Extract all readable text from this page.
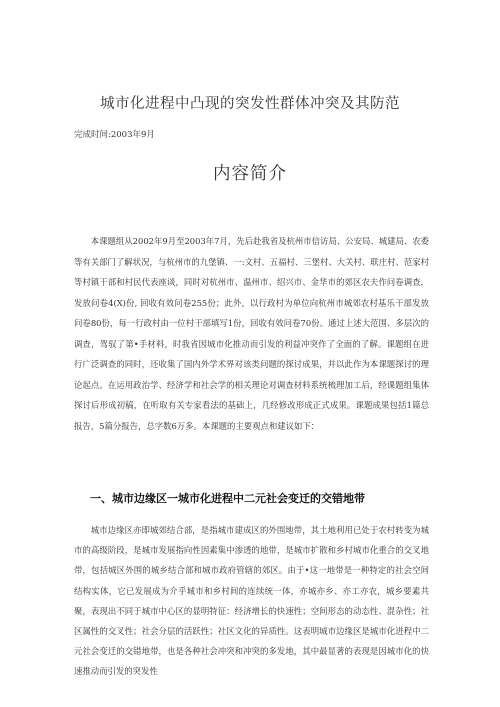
城市化进程中凸现的突发性群体冲突及其防范

完成时间:2003年9月

内容简介

本课题组从2002年9月至2003年7月，先后赴我省及杭州市信访局、公安局、城建局、农委等有关部门了解状况，与杭州市的九堡镇、一:文村、五福村、三堡村、大关村、联庄村、范家村等村镇干部和村民代表座谈，同时对杭州市、温州市、绍兴市、金华市的郊区农夫作问卷调查，发放问卷4(X)份, 回收有效问卷255份；此外，以行政村为单位向杭州市城郊农村基乐干部发放问卷80份，每一行政村由一位村干部填写1份，回收有效问卷70份。通过上述大范围、多层次的调查，驾驭了第•手材料，时我省因城市化推动而引发的利益冲突作了全面的了解。课题组在进行广泛调查的同时，还收集了国内外学术界对该类问题的探讨成果，并以此作为本课题探讨的理论起点。在运用政治学、经济学和社会学的相关理论对调查材料系统梳理加工后，经课题组集体探讨后形成初稿，在听取有关专家看法的基础上，几经修改形成正式成果。课题成果包括1篇总报告，5篇分报告，总字数6万多。本课题的主要观点和建议如下：

一、城市边缘区一城市化进程中二元社会变迁的交错地带

城市边缘区亦即城郊结合部，是指城市建成区的外围地带，其土地利用已处于农村转变为城市的高级阶段，是城市发展指向性因素集中渗透的地带，是城市扩散和乡村城市化重合的交叉地带，包括城区外围的城乡结合部和城市政府管辖的郊区。由于•这一地带是一种特定的社会空间结构实体，它已发展成为介乎城市和乡村间的连续统一体，亦城亦乡、亦工亦农，城乡要素共聚，表现出不同于城市中心区的显明特征：经济增长的快速性；空间形态的动态性、混杂性；社区属性的交叉性；社会分层的活跃性；社区文化的异质性。这表明城市边缘区是城市化进程中二元社会变迁的交错地带，也是各种社会冲突和冲突的多发地，其中最显著的表现是因城市化的快速推动而引发的突发性
